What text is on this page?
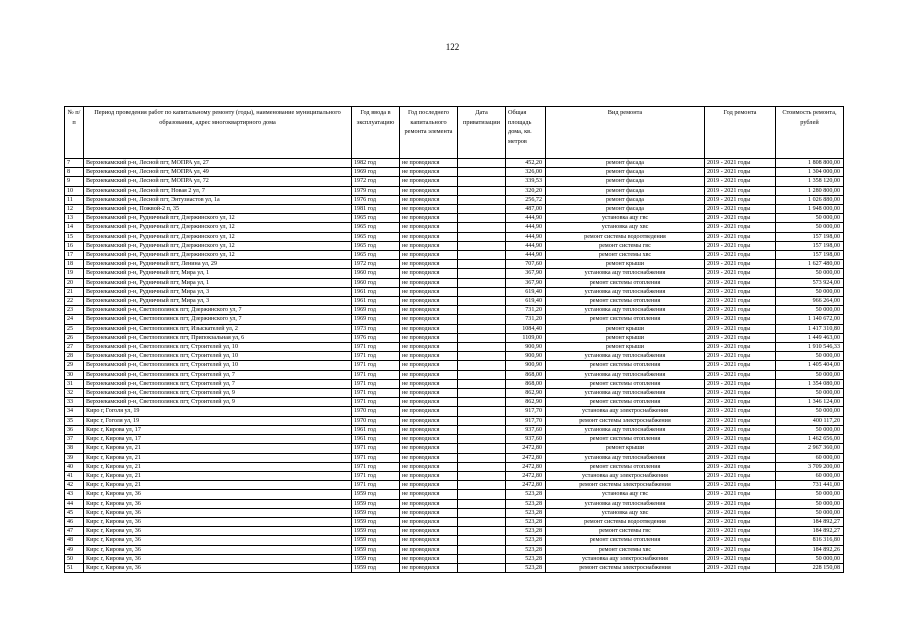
122
№ п/п	Период проведения работ по капитальному ремонту (годы), наименование муниципального образования, адрес многоквартирного дома	Год ввода в эксплуатацию	Год последнего капитального ремонта элемента	Дата приватизации	Общая площадь дома, кв. метров	Вид ремонта	Год ремонта	Стоимость ремонта, рублей
7	Верхнекамский р-н, Лесной пгт, МОПРА ул, 27	1982 год	не проводился		452,20	ремонт фасада	2019 - 2021 годы	1 808 800,00
8	Верхнекамский р-н, Лесной пгт, МОПРА ул, 49	1969 год	не проводился		326,00	ремонт фасада	2019 - 2021 годы	1 304 000,00
9	Верхнекамский р-н, Лесной пгт, МОПРА ул, 72	1972 год	не проводился		339,53	ремонт фасада	2019 - 2021 годы	1 358 120,00
10	Верхнекамский р-н, Лесной пгт, Новая 2 ул, 7	1979 год	не проводился		320,20	ремонт фасада	2019 - 2021 годы	1 280 800,00
11	Верхнекамский р-н, Лесной пгт, Энтузиастов ул, 1а	1976 год	не проводился		256,72	ремонт фасада	2019 - 2021 годы	1 026 880,00
12	Верхнекамский р-н, Пожвой-2 п, 35	1981 год	не проводился		487,00	ремонт фасада	2019 - 2021 годы	1 948 000,00
13	Верхнекамский р-н, Рудничный пгт, Дзержинского ул, 12	1965 год	не проводился		444,90	установка ацу гвс	2019 - 2021 годы	50 000,00
14	Верхнекамский р-н, Рудничный пгт, Дзержинского ул, 12	1965 год	не проводился		444,90	установка ацу хвс	2019 - 2021 годы	50 000,00
15	Верхнекамский р-н, Рудничный пгт, Дзержинского ул, 12	1965 год	не проводился		444,90	ремонт системы водоотведения	2019 - 2021 годы	157 198,00
16	Верхнекамский р-н, Рудничный пгт, Дзержинского ул, 12	1965 год	не проводился		444,90	ремонт системы гвс	2019 - 2021 годы	157 198,00
17	Верхнекамский р-н, Рудничный пгт, Дзержинского ул, 12	1965 год	не проводился		444,90	ремонт системы хвс	2019 - 2021 годы	157 198,00
18	Верхнекамский р-н, Рудничный пгт, Ленина ул, 29	1972 год	не проводился		707,60	ремонт крыши	2019 - 2021 годы	1 627 480,00
19	Верхнекамский р-н, Рудничный пгт, Мира ул, 1	1960 год	не проводился		367,90	установка ацу теплоснабжения	2019 - 2021 годы	50 000,00
20	Верхнекамский р-н, Рудничный пгт, Мира ул, 1	1960 год	не проводился		367,90	ремонт системы отопления	2019 - 2021 годы	573 924,00
21	Верхнекамский р-н, Рудничный пгт, Мира ул, 3	1961 год	не проводился		619,40	установка ацу теплоснабжения	2019 - 2021 годы	50 000,00
22	Верхнекамский р-н, Рудничный пгт, Мира ул, 3	1961 год	не проводился		619,40	ремонт системы отопления	2019 - 2021 годы	966 264,00
23	Верхнекамский р-н, Светлополянск пгт, Дзержинского ул, 7	1969 год	не проводился		731,20	установка ацу теплоснабжения	2019 - 2021 годы	50 000,00
24	Верхнекамский р-н, Светлополянск пгт, Дзержинского ул, 7	1969 год	не проводился		731,20	ремонт системы отопления	2019 - 2021 годы	1 140 672,00
25	Верхнекамский р-н, Светлополянск пгт, Изыскателей ул, 2	1973 год	не проводился		1084,40	ремонт крыши	2019 - 2021 годы	1 417 310,80
26	Верхнекамский р-н, Светлополянск пгт, Припокзальная ул, 6	1976 год	не проводился		1109,00	ремонт крыши	2019 - 2021 годы	1 449 463,00
27	Верхнекамский р-н, Светлополянск пгт, Строителей ул, 10	1971 год	не проводился		900,90	ремонт крыши	2019 - 2021 годы	1 910 546,33
28	Верхнекамский р-н, Светлополянск пгт, Строителей ул, 10	1971 год	не проводился		900,90	установка ацу теплоснабжения	2019 - 2021 годы	50 000,00
29	Верхнекамский р-н, Светлополянск пгт, Строителей ул, 10	1971 год	не проводился		900,90	ремонт системы отопления	2019 - 2021 годы	1 405 404,00
30	Верхнекамский р-н, Светлополянск пгт, Строителей ул, 7	1971 год	не проводился		868,00	установка ацу теплоснабжения	2019 - 2021 годы	50 000,00
31	Верхнекамский р-н, Светлополянск пгт, Строителей ул, 7	1971 год	не проводился		868,00	ремонт системы отопления	2019 - 2021 годы	1 354 080,00
32	Верхнекамский р-н, Светлополянск пгт, Строителей ул, 9	1971 год	не проводился		862,90	установка ацу теплоснабжения	2019 - 2021 годы	50 000,00
33	Верхнекамский р-н, Светлополянск пгт, Строителей ул, 9	1971 год	не проводился		862,90	ремонт системы отопления	2019 - 2021 годы	1 346 124,00
34	Киро г, Гоголя ул, 19	1970 год	не проводился		917,70	установка ацу электроснабжения	2019 - 2021 годы	50 000,00
35	Кирс г, Гоголя ул, 19	1970 год	не проводился		917,70	ремонт системы электроснабжения	2019 - 2021 годы	400 117,20
36	Кирс г, Кирова ул, 17	1961 год	не проводился		937,60	установка ацу теплоснабжения	2019 - 2021 годы	50 000,00
37	Кирс г, Кирова ул, 17	1961 год	не проводился		937,60	ремонт системы отопления	2019 - 2021 годы	1 462 656,00
38	Кирс г, Кирова ул, 21	1971 год	не проводился		2472,80	ремонт крыши	2019 - 2021 годы	2 967 360,00
39	Кирс г, Кирова ул, 21	1971 год	не проводился		2472,80	установка ацу теплоснабжения	2019 - 2021 годы	60 000,00
40	Кирс г, Кирова ул, 21	1971 год	не проводился		2472,80	ремонт системы отопления	2019 - 2021 годы	3 709 200,00
41	Кирс г, Кирова ул, 21	1971 год	не проводился		2472,80	установка ацу электроснабжения	2019 - 2021 годы	60 000,00
42	Кирс г, Кирова ул, 21	1971 год	не проводился		2472,80	ремонт системы электроснабжения	2019 - 2021 годы	731 441,00
43	Кирс г, Кирова ул, 36	1959 год	не проводился		523,28	установка ацу гвс	2019 - 2021 годы	50 000,00
44	Кирс г, Кирова ул, 36	1959 год	не проводился		523,28	установка ацу теплоснабжения	2019 - 2021 годы	50 000,00
45	Кирс г, Кирова ул, 36	1959 год	не проводился		523,28	установка ацу хвс	2019 - 2021 годы	50 000,00
46	Кирс г, Кирова ул, 36	1959 год	не проводился		523,28	ремонт системы водоотведения	2019 - 2021 годы	184 892,27
47	Кирс г, Кирова ул, 36	1959 год	не проводился		523,28	ремонт системы гвс	2019 - 2021 годы	184 892,27
48	Кирс г, Кирова ул, 36	1959 год	не проводился		523,28	ремонт системы отопления	2019 - 2021 годы	816 316,80
49	Кирс г, Кирова ул, 36	1959 год	не проводился		523,28	ремонт системы хвс	2019 - 2021 годы	184 892,26
50	Кирс г, Кирова ул, 36	1959 год	не проводился		523,28	установка ацу электроснабжения	2019 - 2021 годы	50 000,00
51	Кирс г, Кирова ул, 36	1959 год	не проводился		523,28	ремонт системы электроснабжения	2019 - 2021 годы	228 150,08
